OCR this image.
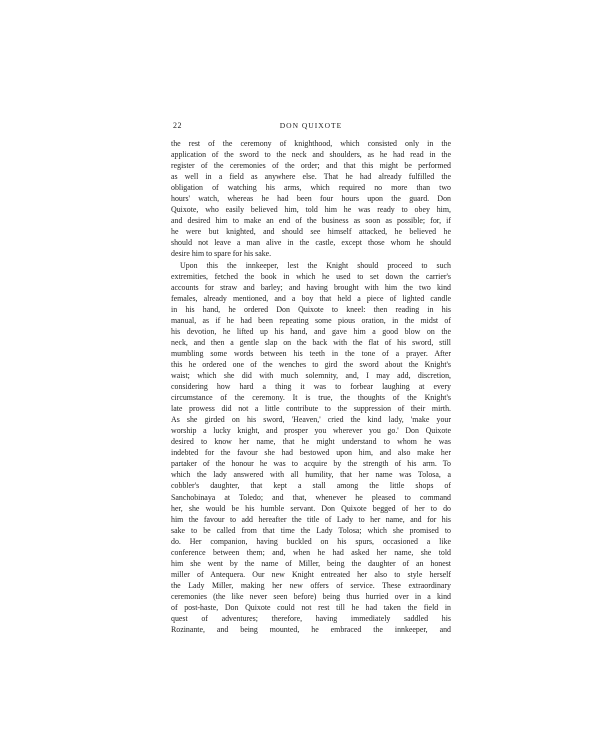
22	DON QUIXOTE
the rest of the ceremony of knighthood, which consisted only in the
application of the sword to the neck and shoulders, as he had read in the
register of the ceremonies of the order; and that this might be performed
as well in a field as anywhere else. That he had already fulfilled the
obligation of watching his arms, which required no more than two
hours' watch, whereas he had been four hours upon the guard. Don
Quixote, who easily believed him, told him he was ready to obey him,
and desired him to make an end of the business as soon as possible; for, if
he were but knighted, and should see himself attacked, he believed he
should not leave a man alive in the castle, except those whom he should
desire him to spare for his sake.
Upon this the innkeeper, lest the Knight should proceed to such
extremities, fetched the book in which he used to set down the carrier's
accounts for straw and barley; and having brought with him the two kind
females, already mentioned, and a boy that held a piece of lighted candle
in his hand, he ordered Don Quixote to kneel: then reading in his
manual, as if he had been repeating some pious oration, in the midst of
his devotion, he lifted up his hand, and gave him a good blow on the
neck, and then a gentle slap on the back with the flat of his sword, still
mumbling some words between his teeth in the tone of a prayer. After
this he ordered one of the wenches to gird the sword about the Knight's
waist; which she did with much solemnity, and, I may add, discretion,
considering how hard a thing it was to forbear laughing at every
circumstance of the ceremony. It is true, the thoughts of the Knight's
late prowess did not a little contribute to the suppression of their mirth.
As she girded on his sword, 'Heaven,' cried the kind lady, 'make your
worship a lucky knight, and prosper you wherever you go.' Don Quixote
desired to know her name, that he might understand to whom he was
indebted for the favour she had bestowed upon him, and also make her
partaker of the honour he was to acquire by the strength of his arm. To
which the lady answered with all humility, that her name was Tolosa, a
cobbler's daughter, that kept a stall among the little shops of
Sanchobinaya at Toledo; and that, whenever he pleased to command
her, she would be his humble servant. Don Quixote begged of her to do
him the favour to add hereafter the title of Lady to her name, and for his
sake to be called from that time the Lady Tolosa; which she promised to
do. Her companion, having buckled on his spurs, occasioned a like
conference between them; and, when he had asked her name, she told
him she went by the name of Miller, being the daughter of an honest
miller of Antequera. Our new Knight entreated her also to style herself
the Lady Miller, making her new offers of service. These extraordinary
ceremonies (the like never seen before) being thus hurried over in a kind
of post-haste, Don Quixote could not rest till he had taken the field in
quest of adventures; therefore, having immediately saddled his
Rozinante, and being mounted, he embraced the innkeeper, and
